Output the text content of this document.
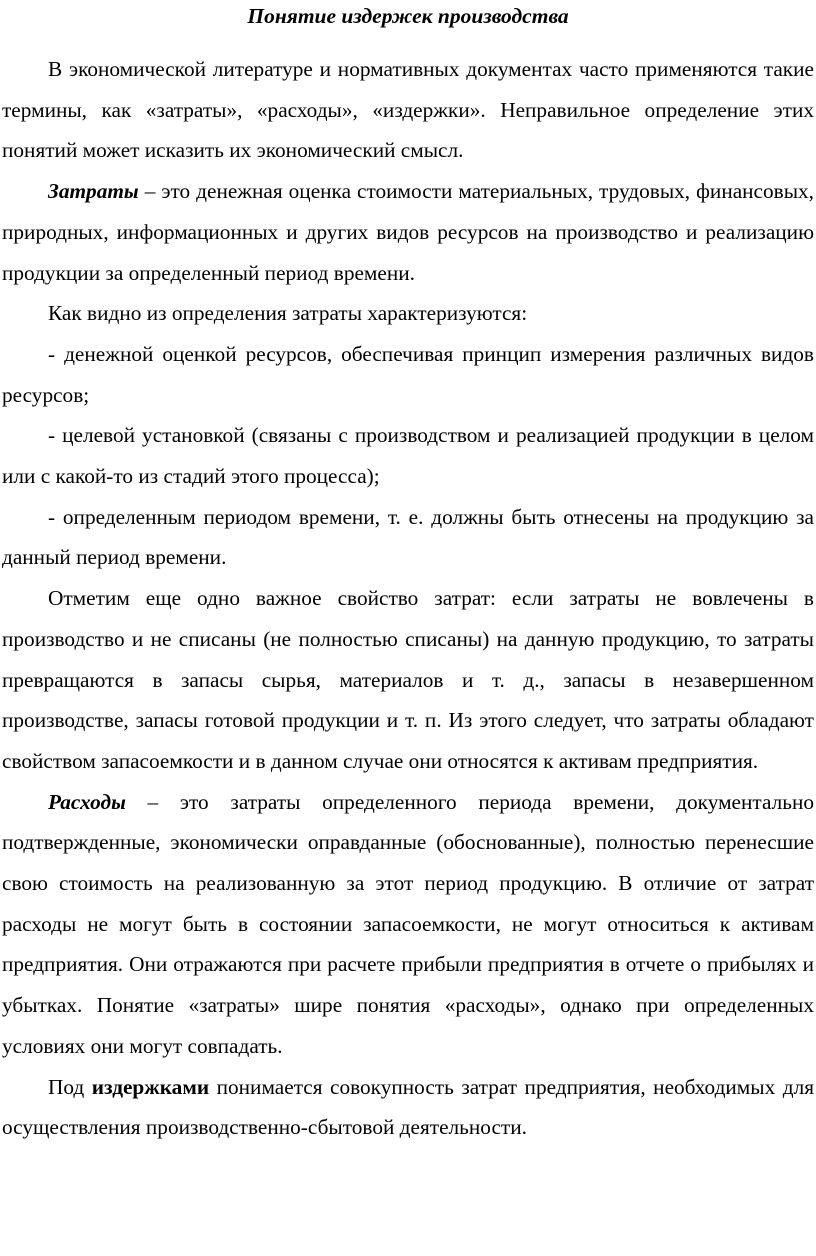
Понятие издержек производства

В экономической литературе и нормативных документах часто применяются такие термины, как «затраты», «расходы», «издержки». Неправильное определение этих понятий может исказить их экономический смысл.

Затраты – это денежная оценка стоимости материальных, трудовых, финансовых, природных, информационных и других видов ресурсов на производство и реализацию продукции за определенный период времени.

Как видно из определения затраты характеризуются:

- денежной оценкой ресурсов, обеспечивая принцип измерения различных видов ресурсов;

- целевой установкой (связаны с производством и реализацией продукции в целом или с какой-то из стадий этого процесса);

- определенным периодом времени, т. е. должны быть отнесены на продукцию за данный период времени.

Отметим еще одно важное свойство затрат: если затраты не вовлечены в производство и не списаны (не полностью списаны) на данную продукцию, то затраты превращаются в запасы сырья, материалов и т. д., запасы в незавершенном производстве, запасы готовой продукции и т. п. Из этого следует, что затраты обладают свойством запасоемкости и в данном случае они относятся к активам предприятия.

Расходы – это затраты определенного периода времени, документально подтвержденные, экономически оправданные (обоснованные), полностью перенесшие свою стоимость на реализованную за этот период продукцию. В отличие от затрат расходы не могут быть в состоянии запасоемкости, не могут относиться к активам предприятия. Они отражаются при расчете прибыли предприятия в отчете о прибылях и убытках. Понятие «затраты» шире понятия «расходы», однако при определенных условиях они могут совпадать.

Под издержками понимается совокупность затрат предприятия, необходимых для осуществления производственно-сбытовой деятельности.
